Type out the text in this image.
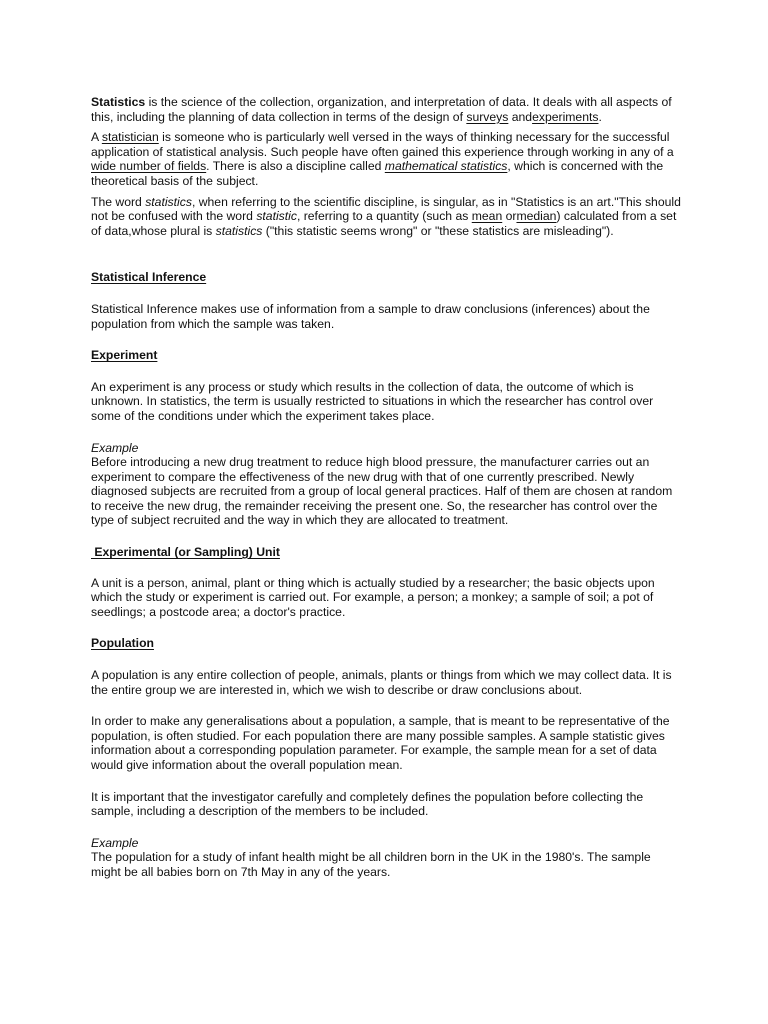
Statistics is the science of the collection, organization, and interpretation of data. It deals with all aspects of this, including the planning of data collection in terms of the design of surveys andexperiments.

A statistician is someone who is particularly well versed in the ways of thinking necessary for the successful application of statistical analysis. Such people have often gained this experience through working in any of a wide number of fields. There is also a discipline called mathematical statistics, which is concerned with the theoretical basis of the subject.

The word statistics, when referring to the scientific discipline, is singular, as in "Statistics is an art."This should not be confused with the word statistic, referring to a quantity (such as mean ormedian) calculated from a set of data,whose plural is statistics ("this statistic seems wrong" or "these statistics are misleading").

Statistical Inference

Statistical Inference makes use of information from a sample to draw conclusions (inferences) about the population from which the sample was taken.

Experiment

An experiment is any process or study which results in the collection of data, the outcome of which is unknown. In statistics, the term is usually restricted to situations in which the researcher has control over some of the conditions under which the experiment takes place.

Example

Before introducing a new drug treatment to reduce high blood pressure, the manufacturer carries out an experiment to compare the effectiveness of the new drug with that of one currently prescribed. Newly diagnosed subjects are recruited from a group of local general practices. Half of them are chosen at random to receive the new drug, the remainder receiving the present one. So, the researcher has control over the type of subject recruited and the way in which they are allocated to treatment.

Experimental (or Sampling) Unit

A unit is a person, animal, plant or thing which is actually studied by a researcher; the basic objects upon which the study or experiment is carried out. For example, a person; a monkey; a sample of soil; a pot of seedlings; a postcode area; a doctor's practice.

Population

A population is any entire collection of people, animals, plants or things from which we may collect data. It is the entire group we are interested in, which we wish to describe or draw conclusions about.

In order to make any generalisations about a population, a sample, that is meant to be representative of the population, is often studied. For each population there are many possible samples. A sample statistic gives information about a corresponding population parameter. For example, the sample mean for a set of data would give information about the overall population mean.

It is important that the investigator carefully and completely defines the population before collecting the sample, including a description of the members to be included.

Example

The population for a study of infant health might be all children born in the UK in the 1980's. The sample might be all babies born on 7th May in any of the years.
